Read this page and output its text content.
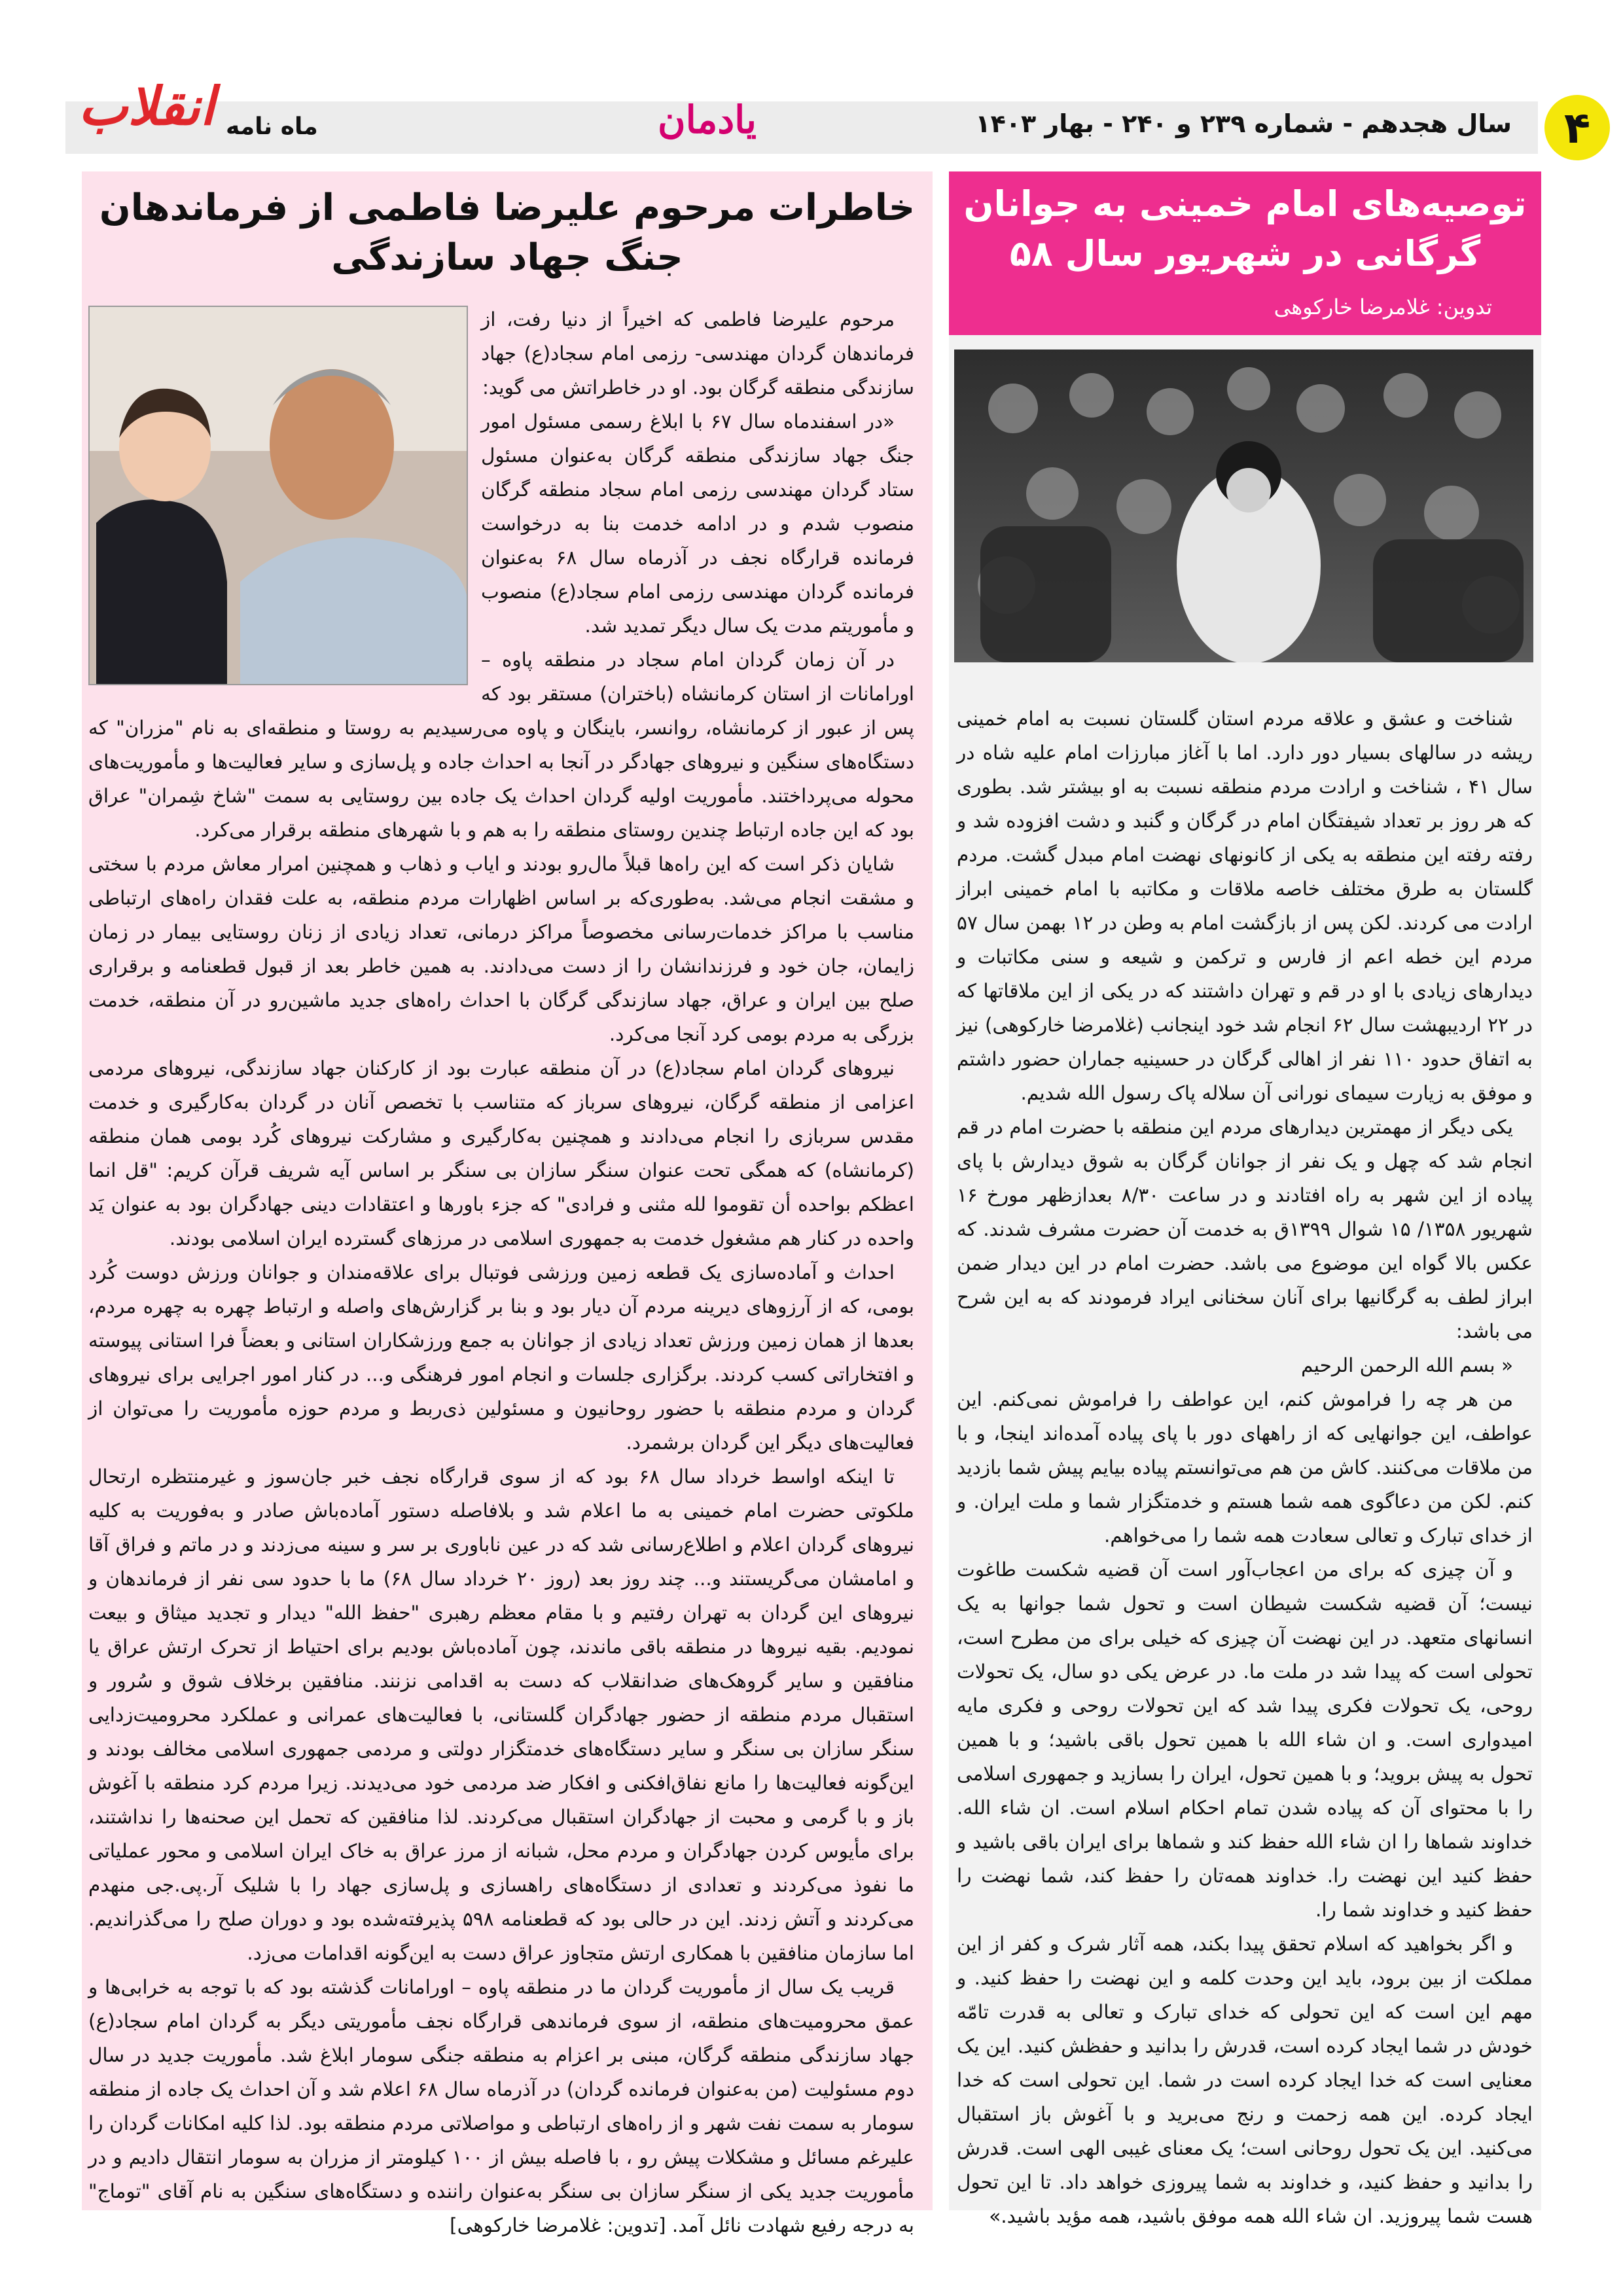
۴
سال هجدهم - شماره ۲۳۹ و ۲۴۰ - بهار ۱۴۰۳
یادمان
ماه نامه
انقلاب
توصیه‌های امام خمینی به جوانان گرگانی در شهریور سال ۵۸
تدوین: غلامرضا خارکوهی

شناخت و عشق و علاقه مردم استان گلستان نسبت به امام خمینی ریشه در سالهای بسیار دور دارد. اما با آغاز مبارزات امام علیه شاه در سال ۴۱ ، شناخت و ارادت مردم منطقه نسبت به او بیشتر شد. بطوری که هر روز بر تعداد شیفتگان امام در گرگان و گنبد و دشت افزوده شد و رفته رفته این منطقه به یکی از کانونهای نهضت امام مبدل گشت. مردم گلستان به طرق مختلف خاصه ملاقات و مکاتبه با امام خمینی ابراز ارادت می کردند. لکن پس از بازگشت امام به وطن در ۱۲ بهمن سال ۵۷ مردم این خطه اعم از فارس و ترکمن و شیعه و سنی مکاتبات و دیدارهای زیادی با او در قم و تهران داشتند که در یکی از این ملاقاتها که در ۲۲ اردیبهشت سال ۶۲ انجام شد خود اینجانب (غلامرضا خارکوهی) نیز به اتفاق حدود ۱۱۰ نفر از اهالی گرگان در حسینیه جماران حضور داشتم و موفق به زیارت سیمای نورانی آن سلاله پاک رسول الله شدیم.

یکی دیگر از مهمترین دیدارهای مردم این منطقه با حضرت امام در قم انجام شد که چهل و یک نفر از جوانان گرگان به شوق دیدارش با پای پیاده از این شهر به راه افتادند و در ساعت ۸/۳۰ بعدازظهر مورخ ۱۶ شهریور ۱۳۵۸/ ۱۵ شوال ۱۳۹۹ق به خدمت آن حضرت مشرف شدند. که عکس بالا گواه این موضوع می باشد. حضرت امام در این دیدار ضمن ابراز لطف به گرگانیها برای آنان سخنانی ایراد فرمودند که به این شرح می باشد:

« بسم الله الرحمن الرحیم

من هر چه را فراموش کنم، این عواطف را فراموش نمی‌کنم. این عواطف، این جوانهایی که از راههای دور با پای پیاده آمده‌اند اینجا، و با من ملاقات می‌کنند. کاش من هم می‌توانستم پیاده بیایم پیش شما بازدید کنم. لکن من دعاگوی همه شما هستم و خدمتگزار شما و ملت ایران. و از خدای تبارک و تعالی سعادت همه شما را می‌خواهم.

و آن چیزی که برای من اعجاب‌آور است آن قضیه شکست طاغوت نیست؛ آن قضیه شکست شیطان است و تحول شما جوانها به یک انسانهای متعهد. در این نهضت آن چیزی که خیلی برای من مطرح است، تحولی است که پیدا شد در ملت ما. در عرض یکی دو سال، یک تحولات روحی، یک تحولات فکری پیدا شد که این تحولات روحی و فکری مایه امیدواری است. و ان شاء الله با همین تحول باقی باشید؛ و با همین تحول به پیش بروید؛ و با همین تحول، ایران را بسازید و جمهوری اسلامی را با محتوای آن که پیاده شدن تمام احکام اسلام است. ان شاء الله. خداوند شماها را ان شاء الله حفظ کند و شماها برای ایران باقی باشید و حفظ کنید این نهضت را. خداوند همه‌تان را حفظ کند، شما نهضت را حفظ کنید و خداوند شما را.

و اگر بخواهید که اسلام تحقق پیدا بکند، همه آثار شرک و کفر از این مملکت از بین برود، باید این وحدت کلمه و این نهضت را حفظ کنید. و مهم این است که این تحولی که خدای تبارک و تعالی به قدرت تامّه خودش در شما ایجاد کرده است، قدرش را بدانید و حفظش کنید. این یک معنایی است که خدا ایجاد کرده است در شما. این تحولی است که خدا ایجاد کرده. این همه زحمت و رنج می‌برید و با آغوش باز استقبال می‌کنید. این یک تحول روحانی است؛ یک معنای غیبی الهی است. قدرش را بدانید و حفظ کنید، و خداوند به شما پیروزی خواهد داد. تا این تحول هست شما پیروزید. ان شاء الله همه موفق باشید، همه مؤید باشید.»

خاطرات مرحوم علیرضا فاطمی از فرماندهان جنگ جهاد سازندگی

مرحوم علیرضا فاطمی که اخیراً از دنیا رفت، از فرماندهان گردان مهندسی- رزمی امام سجاد(ع) جهاد سازندگی منطقه گرگان بود. او در خاطراتش می گوید:

«در اسفندماه سال ۶۷ با ابلاغ رسمی مسئول امور جنگ جهاد سازندگی منطقه گرگان به‌عنوان مسئول ستاد گردان مهندسی رزمی امام سجاد منطقه گرگان منصوب شدم و در ادامه خدمت بنا به درخواست فرمانده قرارگاه نجف در آذرماه سال ۶۸ به‌عنوان فرمانده گردان مهندسی رزمی امام سجاد(ع) منصوب و مأموریتم مدت یک سال دیگر تمدید شد.

در آن زمان گردان امام سجاد در منطقه پاوه – اورامانات از استان کرمانشاه (باختران) مستقر بود که پس از عبور از کرمانشاه، روانسر، باینگان و پاوه می‌رسیدیم به روستا و منطقه‌ای به نام "مزران" که دستگاه‌های سنگین و نیروهای جهادگر در آنجا به احداث جاده و پل‌سازی و سایر فعالیت‌ها و مأموریت‌های محوله می‌پرداختند. مأموریت اولیه گردان احداث یک جاده بین روستایی به سمت "شاخ شِمران" عراق بود که این جاده ارتباط چندین روستای منطقه را به هم و با شهرهای منطقه برقرار می‌کرد.

شایان ذکر است که این راه‌ها قبلاً مال‌رو بودند و ایاب و ذهاب و همچنین امرار معاش مردم با سختی و مشقت انجام می‌شد. به‌طوری‌که بر اساس اظهارات مردم منطقه، به علت فقدان راه‌های ارتباطی مناسب با مراکز خدمات‌رسانی مخصوصاً مراکز درمانی، تعداد زیادی از زنان روستایی بیمار در زمان زایمان، جان خود و فرزندانشان را از دست می‌دادند. به همین خاطر بعد از قبول قطعنامه و برقراری صلح بین ایران و عراق، جهاد سازندگی گرگان با احداث راه‌های جدید ماشین‌رو در آن منطقه، خدمت بزرگی به مردم بومی کرد آنجا می‌کرد.

نیروهای گردان امام سجاد(ع) در آن منطقه عبارت بود از کارکنان جهاد سازندگی، نیروهای مردمی اعزامی از منطقه گرگان، نیروهای سرباز که متناسب با تخصص آنان در گردان به‌کارگیری و خدمت مقدس سربازی را انجام می‌دادند و همچنین به‌کارگیری و مشارکت نیروهای کُرد بومی همان منطقه (کرمانشاه) که همگی تحت عنوان سنگر سازان بی سنگر بر اساس آیه شریف قرآن کریم: "قل انما اعظکم بواحده أن تقوموا لله مثنی و فرادی" که جزء باورها و اعتقادات دینی جهادگران بود به عنوان یَد واحده در کنار هم مشغول خدمت به جمهوری اسلامی در مرزهای گسترده ایران اسلامی بودند.

احداث و آماده‌سازی یک قطعه زمین ورزشی فوتبال برای علاقه‌مندان و جوانان ورزش دوست کُرد بومی، که از آرزوهای دیرینه مردم آن دیار بود و بنا بر گزارش‌های واصله و ارتباط چهره به چهره مردم، بعدها از همان زمین ورزش تعداد زیادی از جوانان به جمع ورزشکاران استانی و بعضاً فرا استانی پیوسته و افتخاراتی کسب کردند. برگزاری جلسات و انجام امور فرهنگی و... در کنار امور اجرایی برای نیروهای گردان و مردم منطقه با حضور روحانیون و مسئولین ذی‌ربط و مردم حوزه مأموریت را می‌توان از فعالیت‌های دیگر این گردان برشمرد.

تا اینکه اواسط خرداد سال ۶۸ بود که از سوی قرارگاه نجف خبر جان‌سوز و غیرمنتظره ارتحال ملکوتی حضرت امام خمینی به ما اعلام شد و بلافاصله دستور آماده‌باش صادر و به‌فوریت به کلیه نیروهای گردان اعلام و اطلاع‌رسانی شد که در عین ناباوری بر سر و سینه می‌زدند و در ماتم و فراق آقا و امامشان می‌گریستند و... چند روز بعد (روز ۲۰ خرداد سال ۶۸) ما با حدود سی نفر از فرماندهان و نیروهای این گردان به تهران رفتیم و با مقام معظم رهبری "حفظ الله" دیدار و تجدید میثاق و بیعت نمودیم. بقیه نیروها در منطقه باقی ماندند، چون آماده‌باش بودیم برای احتیاط از تحرک ارتش عراق یا منافقین و سایر گروهک‌های ضدانقلاب که دست به اقدامی نزنند. منافقین برخلاف شوق و سُرور و استقبال مردم منطقه از حضور جهادگران گلستانی، با فعالیت‌های عمرانی و عملکرد محرومیت‌زدایی سنگر سازان بی سنگر و سایر دستگاه‌های خدمتگزار دولتی و مردمی جمهوری اسلامی مخالف بودند و این‌گونه فعالیت‌ها را مانع نفاق‌افکنی و افکار ضد مردمی خود می‌دیدند. زیرا مردم کرد منطقه با آغوش باز و با گرمی و محبت از جهادگران استقبال می‌کردند. لذا منافقین که تحمل این صحنه‌ها را نداشتند، برای مأیوس کردن جهادگران و مردم محل، شبانه از مرز عراق به خاک ایران اسلامی و محور عملیاتی ما نفوذ می‌کردند و تعدادی از دستگاه‌های راهسازی و پل‌سازی جهاد را با شلیک آر.پی.جی منهدم می‌کردند و آتش زدند. این در حالی بود که قطعنامه ۵۹۸ پذیرفته‌شده بود و دوران صلح را می‌گذراندیم. اما سازمان منافقین با همکاری ارتش متجاوز عراق دست به این‌گونه اقدامات می‌زد.

قریب یک سال از مأموریت گردان ما در منطقه پاوه – اورامانات گذشته بود که با توجه به خرابی‌ها و عمق محرومیت‌های منطقه، از سوی فرماندهی قرارگاه نجف مأموریتی دیگر به گردان امام سجاد(ع) جهاد سازندگی منطقه گرگان، مبنی بر اعزام به منطقه جنگی سومار ابلاغ شد. مأموریت جدید در سال دوم مسئولیت (من به‌عنوان فرمانده گردان) در آذرماه سال ۶۸ اعلام شد و آن احداث یک جاده از منطقه سومار به سمت نفت شهر و از راه‌های ارتباطی و مواصلاتی مردم منطقه بود. لذا کلیه امکانات گردان را علیرغم مسائل و مشکلات پیش رو ، با فاصله بیش از ۱۰۰ کیلومتر از مزران به سومار انتقال دادیم و در مأموریت جدید یکی از سنگر سازان بی سنگر به‌عنوان راننده و دستگاه‌های سنگین به نام آقای "توماج" به درجه رفیع شهادت نائل آمد. [تدوین: غلامرضا خارکوهی]
